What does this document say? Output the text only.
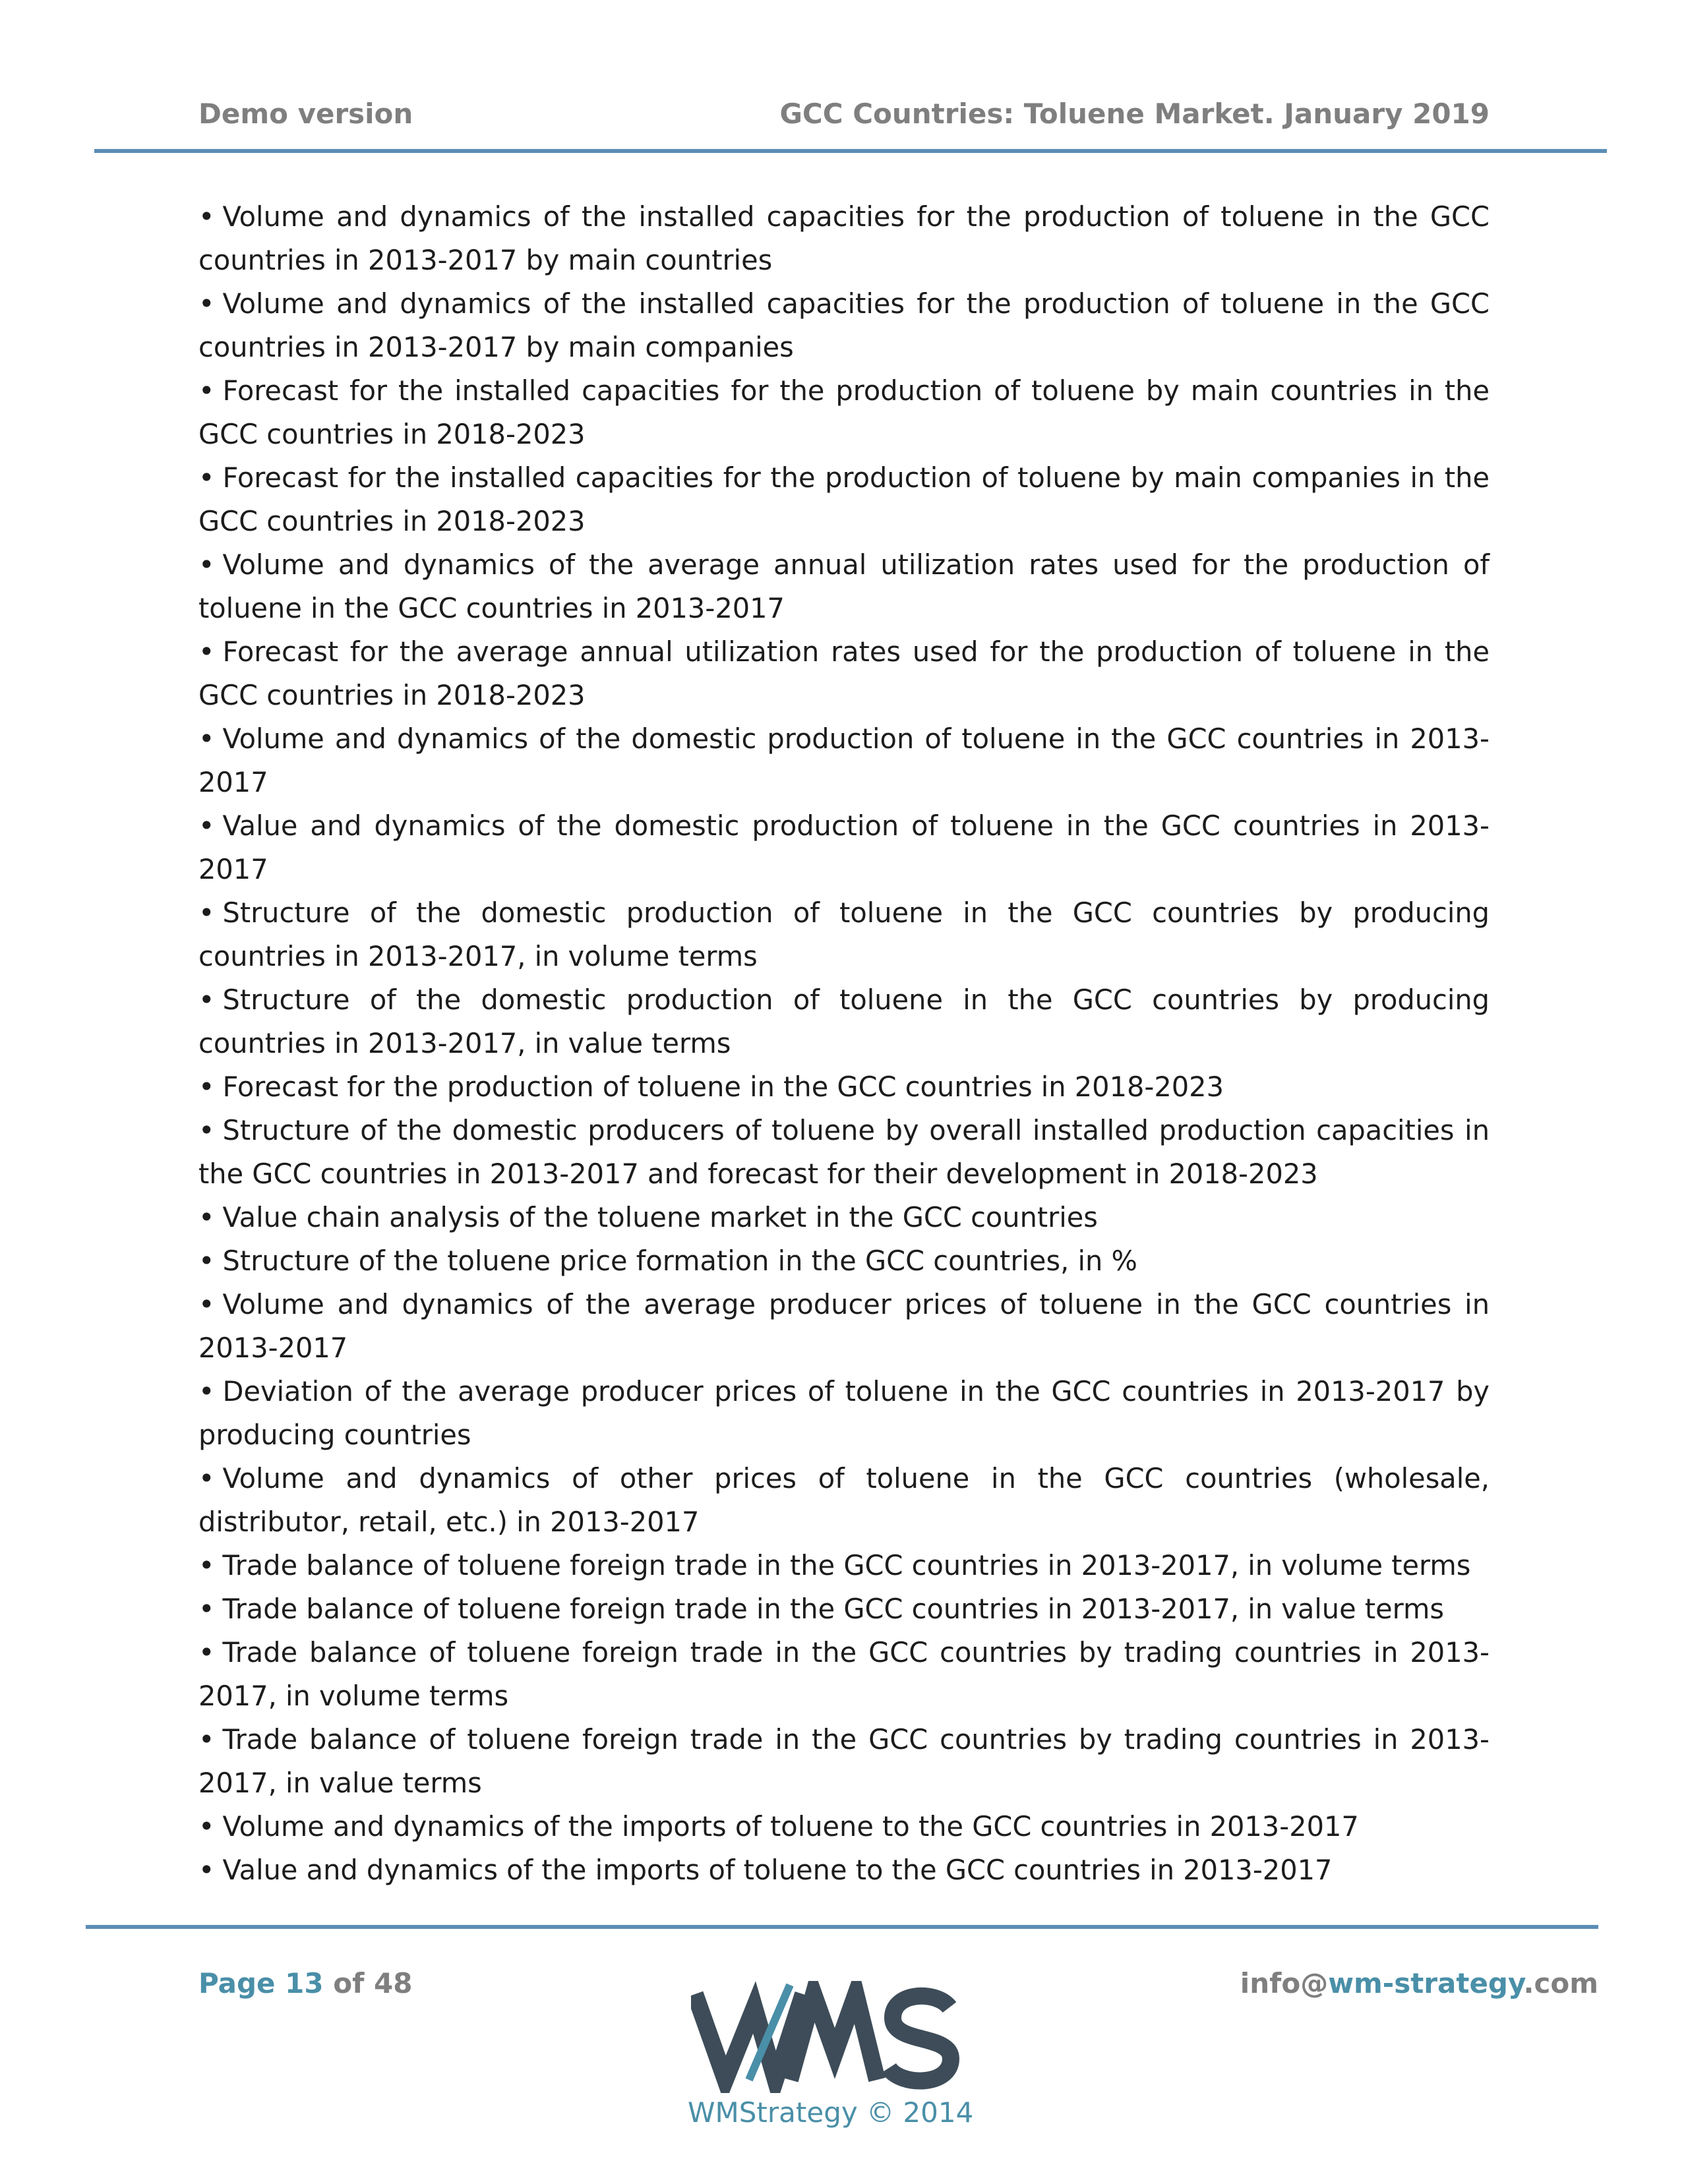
Demo version	GCC Countries: Toluene Market. January 2019
• Volume and dynamics of the installed capacities for the production of toluene in the GCC countries in 2013-2017 by main countries
• Volume and dynamics of the installed capacities for the production of toluene in the GCC countries in 2013-2017 by main companies
• Forecast for the installed capacities for the production of toluene by main countries in the GCC countries in 2018-2023
• Forecast for the installed capacities for the production of toluene by main companies in the GCC countries in 2018-2023
• Volume and dynamics of the average annual utilization rates used for the production of toluene in the GCC countries in 2013-2017
• Forecast for the average annual utilization rates used for the production of toluene in the GCC countries in 2018-2023
• Volume and dynamics of the domestic production of toluene in the GCC countries in 2013-2017
• Value and dynamics of the domestic production of toluene in the GCC countries in 2013-2017
• Structure of the domestic production of toluene in the GCC countries by producing countries in 2013-2017, in volume terms
• Structure of the domestic production of toluene in the GCC countries by producing countries in 2013-2017, in value terms
• Forecast for the production of toluene in the GCC countries in 2018-2023
• Structure of the domestic producers of toluene by overall installed production capacities in the GCC countries in 2013-2017 and forecast for their development in 2018-2023
• Value chain analysis of the toluene market in the GCC countries
• Structure of the toluene price formation in the GCC countries, in %
• Volume and dynamics of the average producer prices of toluene in the GCC countries in 2013-2017
• Deviation of the average producer prices of toluene in the GCC countries in 2013-2017 by producing countries
• Volume and dynamics of other prices of toluene in the GCC countries (wholesale, distributor, retail, etc.) in 2013-2017
• Trade balance of toluene foreign trade in the GCC countries in 2013-2017, in volume terms
• Trade balance of toluene foreign trade in the GCC countries in 2013-2017, in value terms
• Trade balance of toluene foreign trade in the GCC countries by trading countries in 2013-2017, in volume terms
• Trade balance of toluene foreign trade in the GCC countries by trading countries in 2013-2017, in value terms
• Volume and dynamics of the imports of toluene to the GCC countries in 2013-2017
• Value and dynamics of the imports of toluene to the GCC countries in 2013-2017
Page 13 of 48	info@wm-strategy.com
WMStrategy © 2014
